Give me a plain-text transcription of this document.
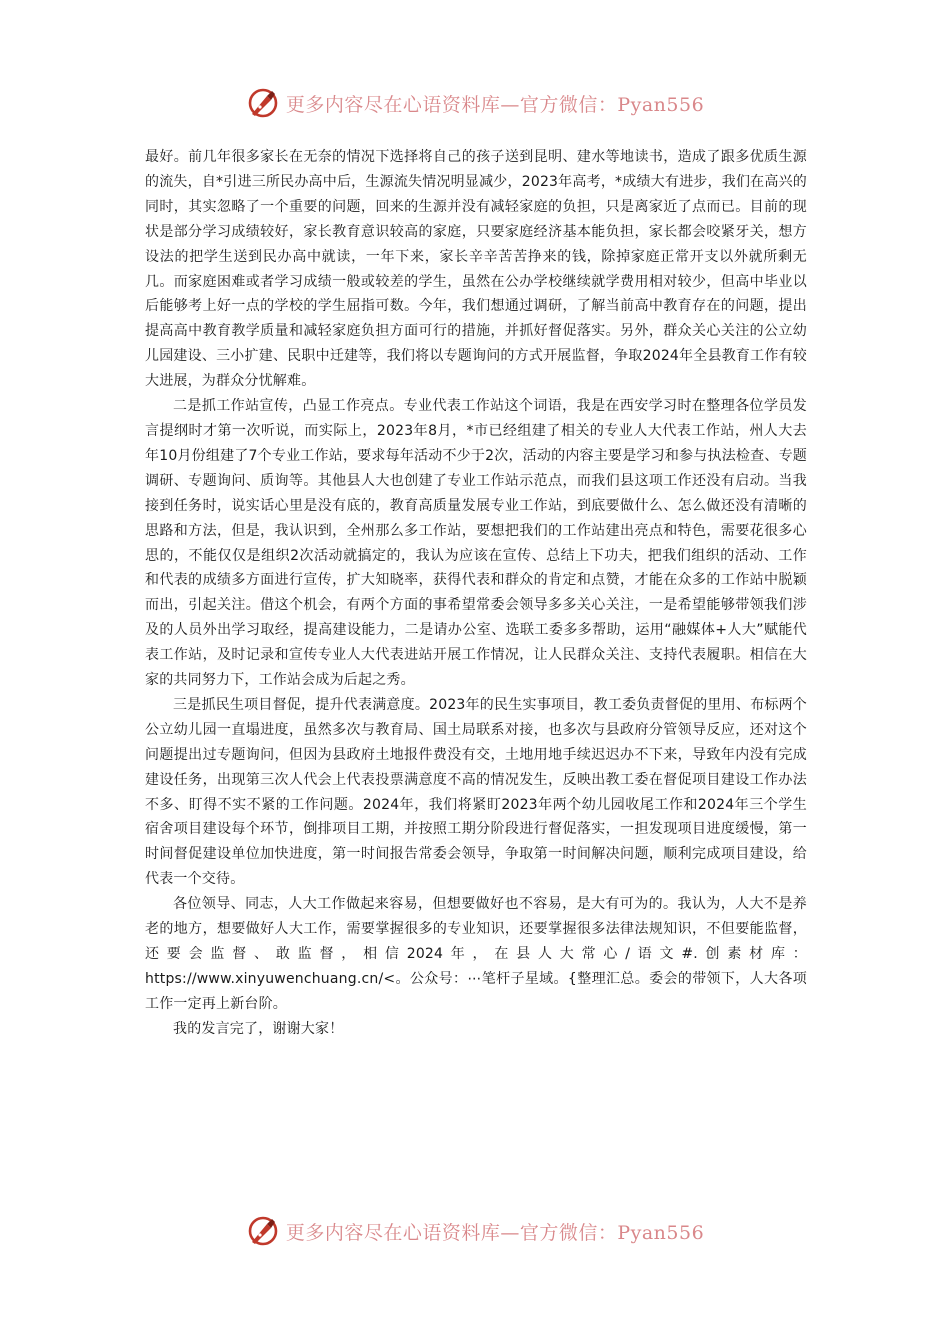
更多内容尽在心语资料库—官方微信：Pyan556

最好。前几年很多家长在无奈的情况下选择将自己的孩子送到昆明、建水等地读书，造成了跟多优质生源的流失，自*引进三所民办高中后，生源流失情况明显减少，2023年高考，*成绩大有进步，我们在高兴的同时，其实忽略了一个重要的问题，回来的生源并没有减轻家庭的负担，只是离家近了点而已。目前的现状是部分学习成绩较好，家长教育意识较高的家庭，只要家庭经济基本能负担，家长都会咬紧牙关，想方设法的把学生送到民办高中就读，一年下来，家长辛辛苦苦挣来的钱，除掉家庭正常开支以外就所剩无几。而家庭困难或者学习成绩一般或较差的学生，虽然在公办学校继续就学费用相对较少，但高中毕业以后能够考上好一点的学校的学生屈指可数。今年，我们想通过调研，了解当前高中教育存在的问题，提出提高高中教育教学质量和减轻家庭负担方面可行的措施，并抓好督促落实。另外，群众关心关注的公立幼儿园建设、三小扩建、民职中迁建等，我们将以专题询问的方式开展监督，争取2024年全县教育工作有较大进展，为群众分忧解难。

二是抓工作站宣传，凸显工作亮点。专业代表工作站这个词语，我是在西安学习时在整理各位学员发言提纲时才第一次听说，而实际上，2023年8月，*市已经组建了相关的专业人大代表工作站，州人大去年10月份组建了7个专业工作站，要求每年活动不少于2次，活动的内容主要是学习和参与执法检查、专题调研、专题询问、质询等。其他县人大也创建了专业工作站示范点，而我们县这项工作还没有启动。当我接到任务时，说实话心里是没有底的，教育高质量发展专业工作站，到底要做什么、怎么做还没有清晰的思路和方法，但是，我认识到，全州那么多工作站，要想把我们的工作站建出亮点和特色，需要花很多心思的，不能仅仅是组织2次活动就搞定的，我认为应该在宣传、总结上下功夫，把我们组织的活动、工作和代表的成绩多方面进行宣传，扩大知晓率，获得代表和群众的肯定和点赞，才能在众多的工作站中脱颖而出，引起关注。借这个机会，有两个方面的事希望常委会领导多多关心关注，一是希望能够带领我们涉及的人员外出学习取经，提高建设能力，二是请办公室、选联工委多多帮助，运用“融媒体+人大”赋能代表工作站，及时记录和宣传专业人大代表进站开展工作情况，让人民群众关注、支持代表履职。相信在大家的共同努力下，工作站会成为后起之秀。

三是抓民生项目督促，提升代表满意度。2023年的民生实事项目，教工委负责督促的里用、布标两个公立幼儿园一直塌进度，虽然多次与教育局、国土局联系对接，也多次与县政府分管领导反应，还对这个问题提出过专题询问，但因为县政府土地报件费没有交，土地用地手续迟迟办不下来，导致年内没有完成建设任务，出现第三次人代会上代表投票满意度不高的情况发生，反映出教工委在督促项目建设工作办法不多、盯得不实不紧的工作问题。2024年，我们将紧盯2023年两个幼儿园收尾工作和2024年三个学生宿舍项目建设每个环节，倒排项目工期，并按照工期分阶段进行督促落实，一担发现项目进度缓慢，第一时间督促建设单位加快进度，第一时间报告常委会领导，争取第一时间解决问题，顺利完成项目建设，给代表一个交待。

各位领导、同志，人大工作做起来容易，但想要做好也不容易，是大有可为的。我认为，人大不是养老的地方，想要做好人大工作，需要掌握很多的专业知识，还要掌握很多法律法规知识，不但要能监督，还要会监督、敢监督，相信2024年，在县人大常心/语文#.创素材库：https://www.xinyuwenchuang.cn/<。公众号：⋯笔杆子星域。{整理汇总。委会的带领下，人大各项工作一定再上新台阶。

我的发言完了，谢谢大家！

更多内容尽在心语资料库—官方微信：Pyan556
